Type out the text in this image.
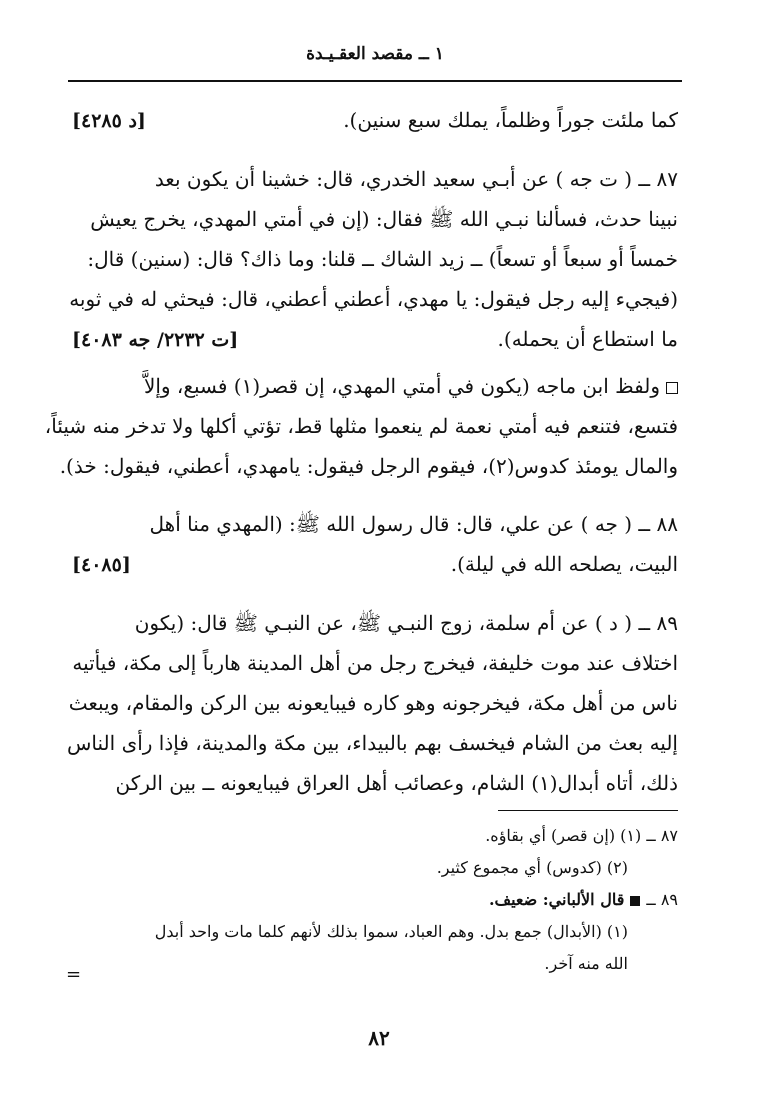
١ ــ مقصد العقـيـدة
كما ملئت جوراً وظلماً، يملك سبع سنين).
[د ٤٢٨٥]
٨٧ ــ ( ت جه ) عن أبـي سعيد الخدري، قال: خشينا أن يكون بعد
نبينا حدث، فسألنا نبـي الله ﷺ فقال: (إن في أمتي المهدي، يخرج يعيش
خمساً أو سبعاً أو تسعاً) ــ زيد الشاك ــ قلنا: وما ذاك؟ قال: (سنين) قال:
(فيجيء إليه رجل فيقول: يا مهدي، أعطني أعطني، قال: فيحثي له في ثوبه
ما استطاع أن يحمله).
[ت ٢٢٣٢/ جه ٤٠٨٣]
ولفظ ابن ماجه (يكون في أمتي المهدي، إن قصر(١) فسبع، وإلاَّ
فتسع، فتنعم فيه أمتي نعمة لم ينعموا مثلها قط، تؤتي أكلها ولا تدخر منه شيئاً،
والمال يومئذ كدوس(٢)، فيقوم الرجل فيقول: يامهدي، أعطني، فيقول: خذ).
٨٨ ــ ( جه ) عن علي، قال: قال رسول الله ﷺ: (المهدي منا أهل
البيت، يصلحه الله في ليلة).
[٤٠٨٥]
٨٩ ــ ( د ) عن أم سلمة، زوج النبـي ﷺ، عن النبـي ﷺ قال: (يكون
اختلاف عند موت خليفة، فيخرج رجل من أهل المدينة هارباً إلى مكة، فيأتيه
ناس من أهل مكة، فيخرجونه وهو كاره فيبايعونه بين الركن والمقام، ويبعث
إليه بعث من الشام فيخسف بهم بالبيداء، بين مكة والمدينة، فإذا رأى الناس
ذلك، أتاه أبدال(١) الشام، وعصائب أهل العراق فيبايعونه ــ بين الركن
٨٧ ــ (١) (إن قصر) أي بقاؤه.
(٢) (كدوس) أي مجموع كثير.
٨٩ ــقال الألباني: ضعيف.
(١) (الأبدال) جمع بدل. وهم العباد، سموا بذلك لأنهم كلما مات واحد أبدل
الله منه آخر.
=
٨٢
